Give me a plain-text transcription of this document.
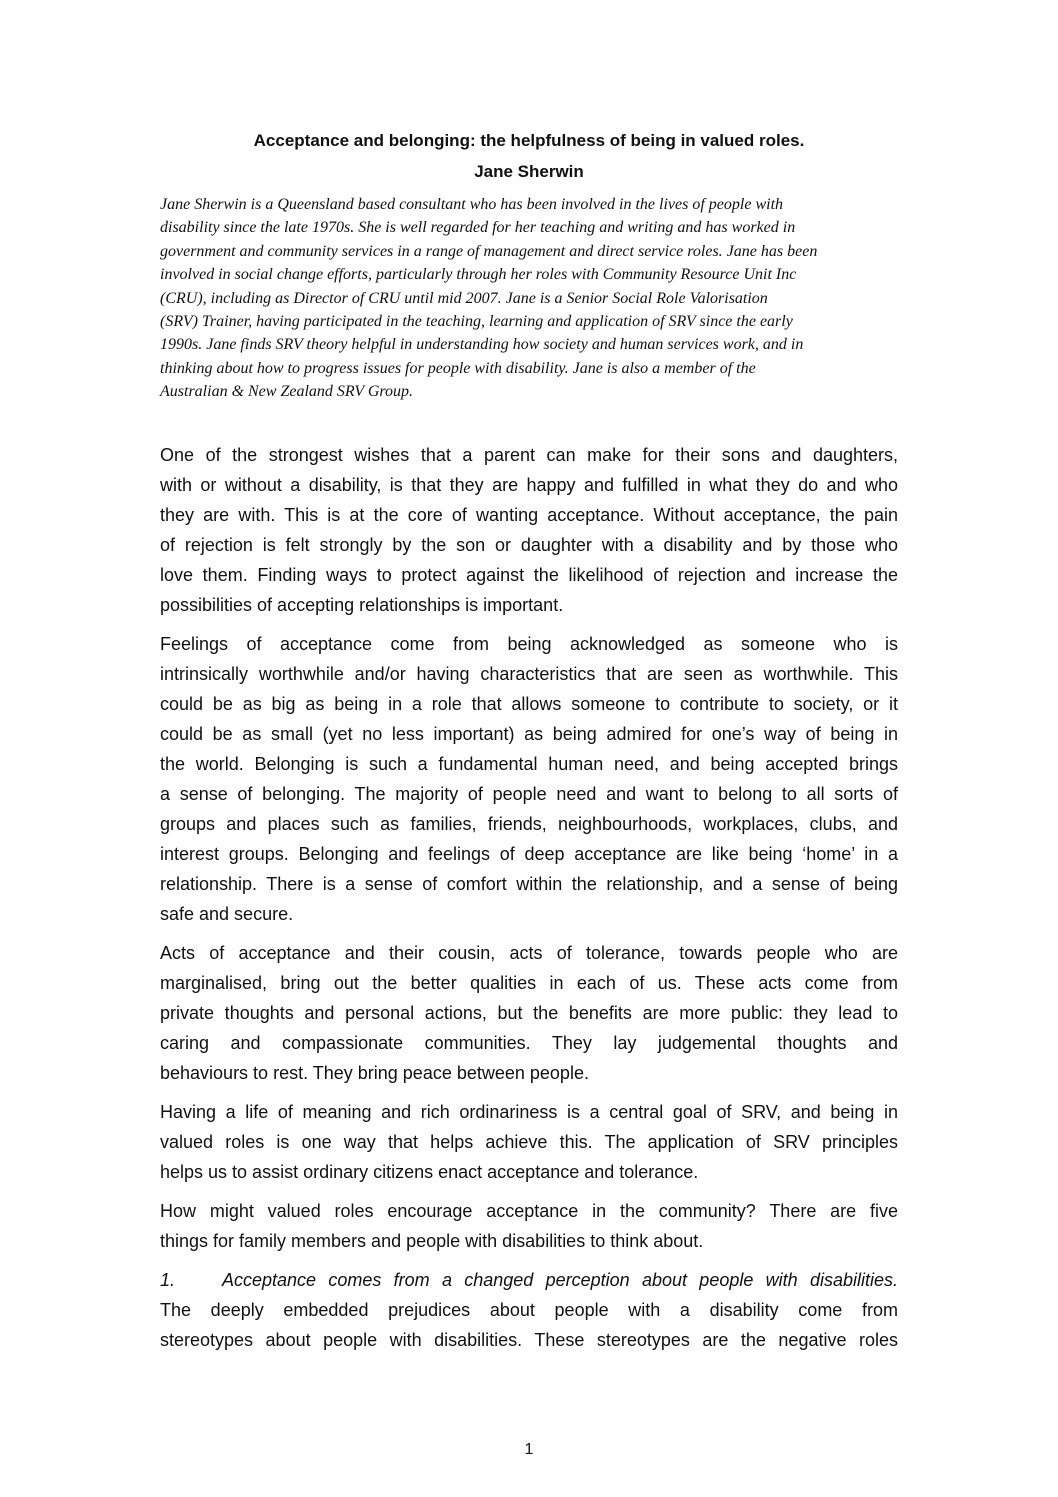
Acceptance and belonging: the helpfulness of being in valued roles.
Jane Sherwin
Jane Sherwin is a Queensland based consultant who has been involved in the lives of people with
disability since the late 1970s. She is well regarded for her teaching and writing and has worked in
government and community services in a range of management and direct service roles. Jane has been
involved in social change efforts, particularly through her roles with Community Resource Unit Inc
(CRU), including as Director of CRU until mid 2007. Jane is a Senior Social Role Valorisation
(SRV) Trainer, having participated in the teaching, learning and application of SRV since the early
1990s. Jane finds SRV theory helpful in understanding how society and human services work, and in
thinking about how to progress issues for people with disability. Jane is also a member of the
Australian & New Zealand SRV Group.
One of the strongest wishes that a parent can make for their sons and daughters,
with or without a disability, is that they are happy and fulfilled in what they do and who
they are with. This is at the core of wanting acceptance. Without acceptance, the pain
of rejection is felt strongly by the son or daughter with a disability and by those who
love them. Finding ways to protect against the likelihood of rejection and increase the
possibilities of accepting relationships is important.
Feelings of acceptance come from being acknowledged as someone who is
intrinsically worthwhile and/or having characteristics that are seen as worthwhile. This
could be as big as being in a role that allows someone to contribute to society, or it
could be as small (yet no less important) as being admired for one’s way of being in
the world. Belonging is such a fundamental human need, and being accepted brings
a sense of belonging. The majority of people need and want to belong to all sorts of
groups and places such as families, friends, neighbourhoods, workplaces, clubs, and
interest groups. Belonging and feelings of deep acceptance are like being ‘home’ in a
relationship. There is a sense of comfort within the relationship, and a sense of being
safe and secure.
Acts of acceptance and their cousin, acts of tolerance, towards people who are
marginalised, bring out the better qualities in each of us. These acts come from
private thoughts and personal actions, but the benefits are more public: they lead to
caring and compassionate communities. They lay judgemental thoughts and
behaviours to rest. They bring peace between people.
Having a life of meaning and rich ordinariness is a central goal of SRV, and being in
valued roles is one way that helps achieve this. The application of SRV principles
helps us to assist ordinary citizens enact acceptance and tolerance.
How might valued roles encourage acceptance in the community? There are five
things for family members and people with disabilities to think about.
1.	Acceptance comes from a changed perception about people with disabilities.
The deeply embedded prejudices about people with a disability come from
stereotypes about people with disabilities. These stereotypes are the negative roles
1
